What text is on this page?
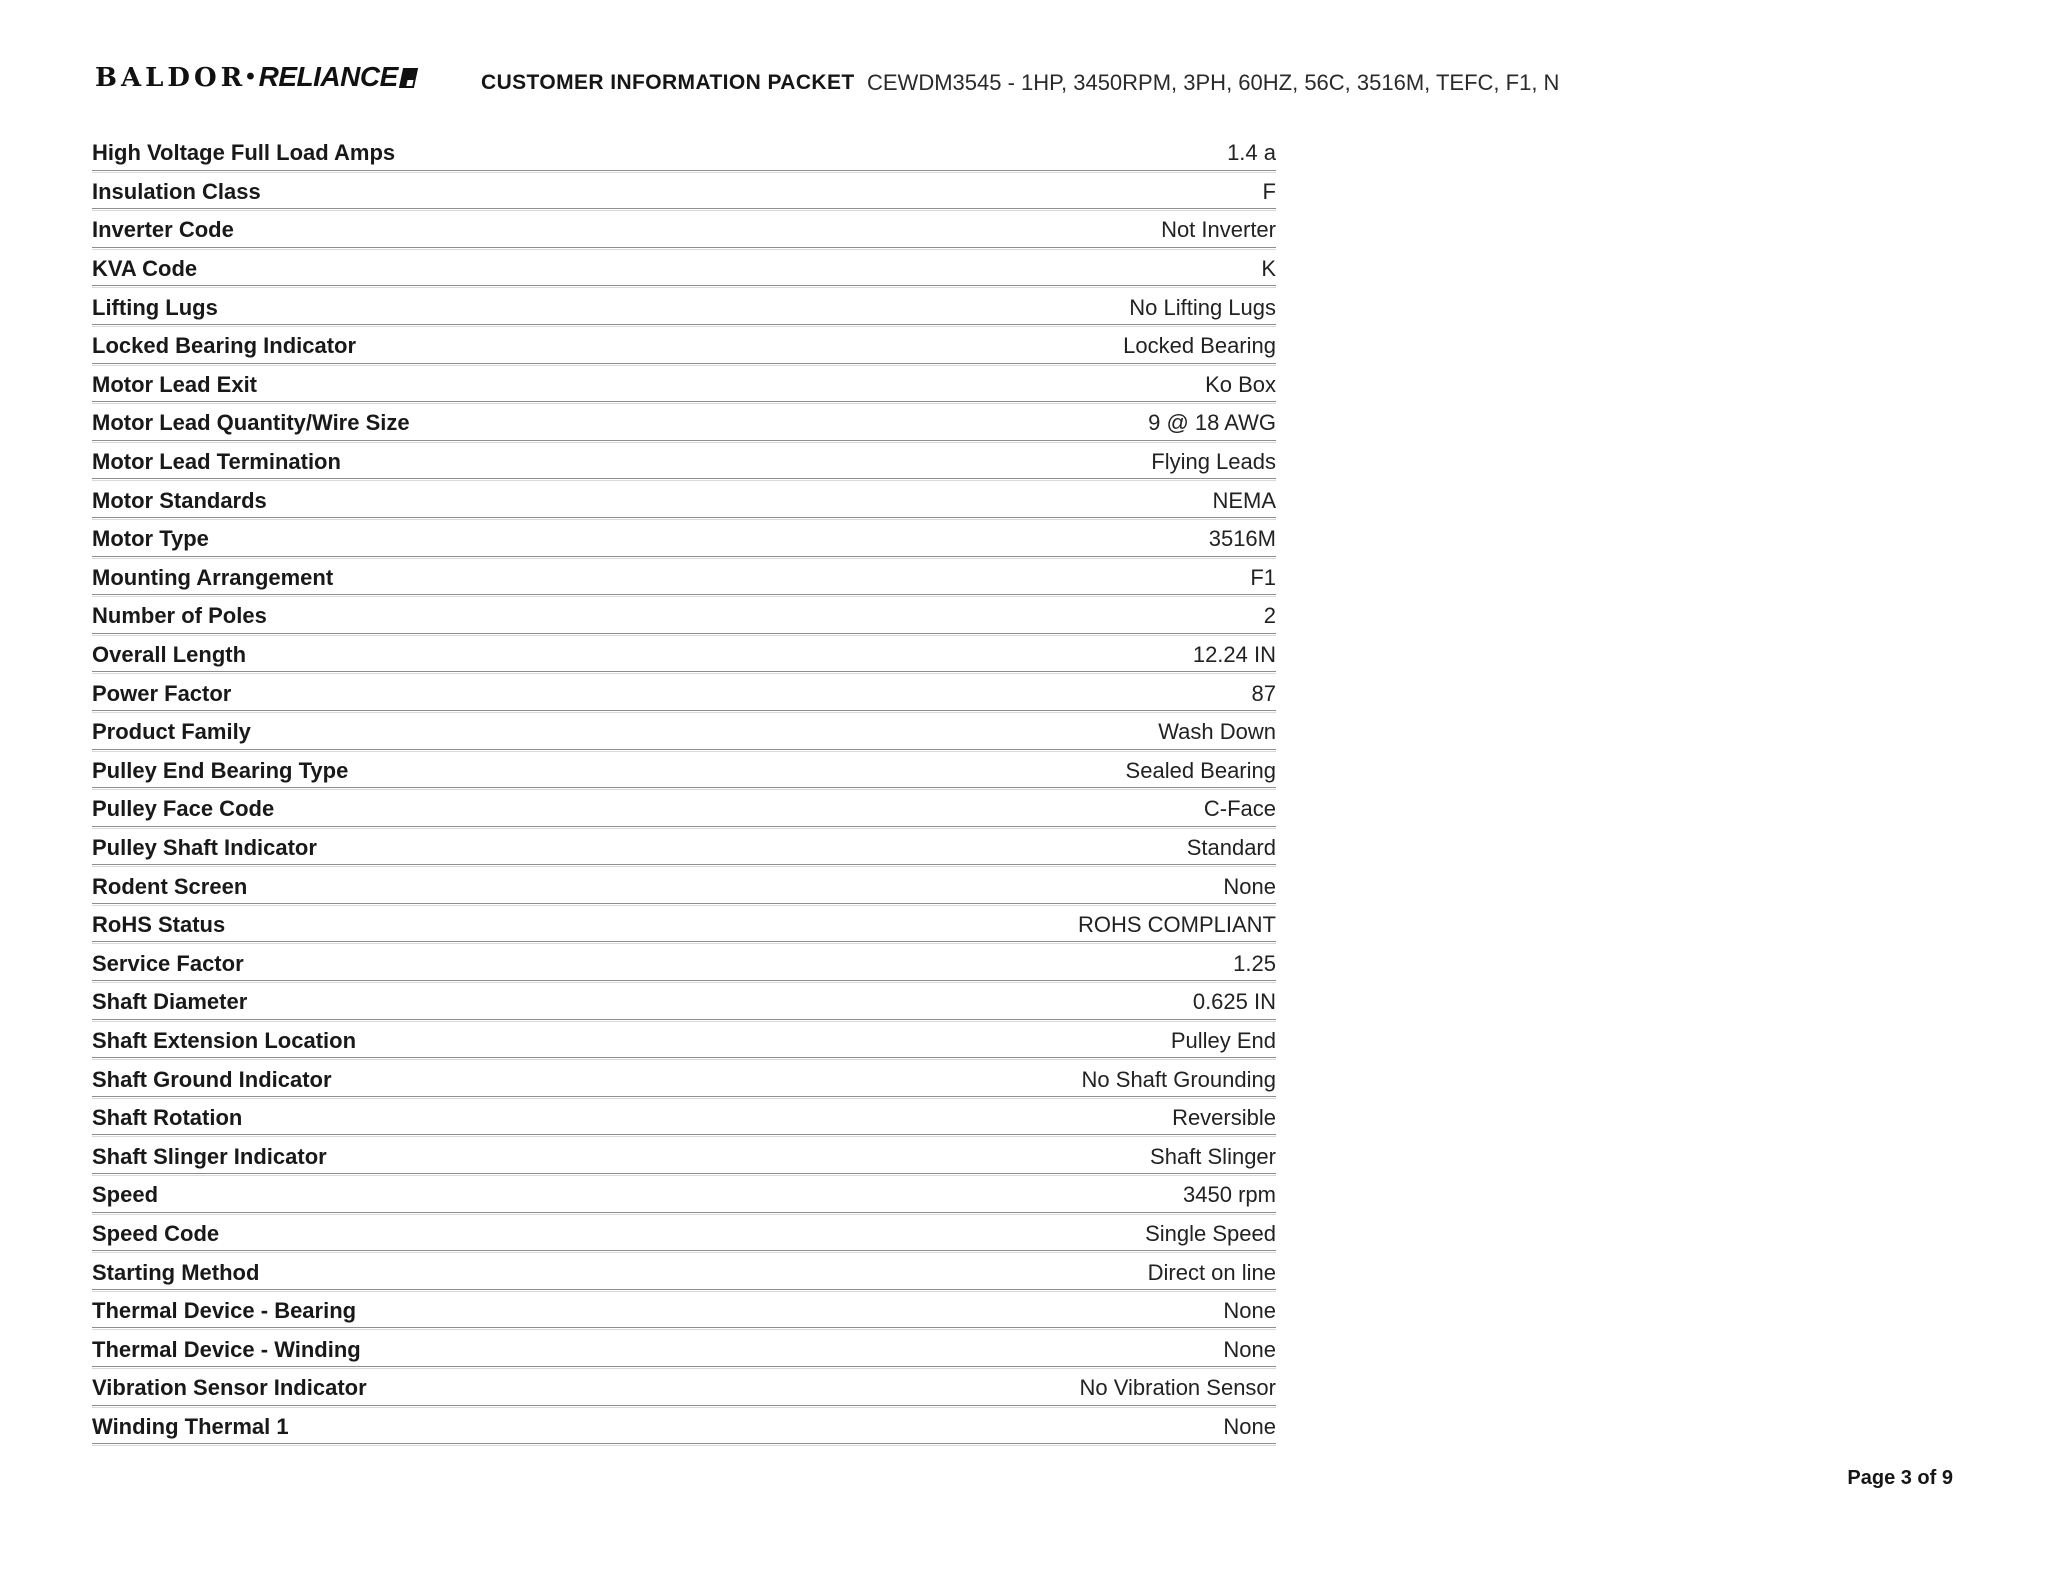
BALDOR• RELIANCE	CUSTOMER INFORMATION PACKET CEWDM3545 - 1HP, 3450RPM, 3PH, 60HZ, 56C, 3516M, TEFC, F1, N
High Voltage Full Load Amps	1.4 a
Insulation Class	F
Inverter Code	Not Inverter
KVA Code	K
Lifting Lugs	No Lifting Lugs
Locked Bearing Indicator	Locked Bearing
Motor Lead Exit	Ko Box
Motor Lead Quantity/Wire Size	9 @ 18 AWG
Motor Lead Termination	Flying Leads
Motor Standards	NEMA
Motor Type	3516M
Mounting Arrangement	F1
Number of Poles	2
Overall Length	12.24 IN
Power Factor	87
Product Family	Wash Down
Pulley End Bearing Type	Sealed Bearing
Pulley Face Code	C-Face
Pulley Shaft Indicator	Standard
Rodent Screen	None
RoHS Status	ROHS COMPLIANT
Service Factor	1.25
Shaft Diameter	0.625 IN
Shaft Extension Location	Pulley End
Shaft Ground Indicator	No Shaft Grounding
Shaft Rotation	Reversible
Shaft Slinger Indicator	Shaft Slinger
Speed	3450 rpm
Speed Code	Single Speed
Starting Method	Direct on line
Thermal Device - Bearing	None
Thermal Device - Winding	None
Vibration Sensor Indicator	No Vibration Sensor
Winding Thermal 1	None
Page 3 of 9
